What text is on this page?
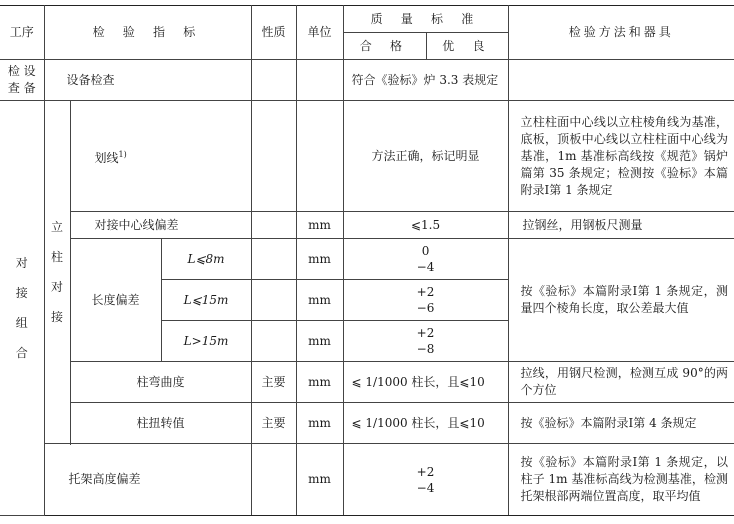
工序	检 验 指 标			性质	单位	质 量 标 准		检验方法和器具
						合 格	优 良	

检 设
查 备	设备检查					符合《验标》炉 3.3 表规定		

对
接
组
合	立
柱
对
接	划线$^{1)}$				方法正确，标记明显		立柱柱面中心线以立柱棱角线为基准，底板，顶板中心线以立柱柱面中心线为基准，1m 基准标高线按《规范》锅炉篇第 35 条规定；检测按《验标》本篇附录Ⅰ第 1 条规定
		对接中心线偏差			mm	⩽1.5		拉钢丝，用钢板尺测量
		长度偏差	L⩽8m		mm	0
−4		按《验标》本篇附录Ⅰ第 1 条规定，测量四个棱角长度，取公差最大值
			L⩽15m		mm	+2
−6		

			L>15m		mm	+2
−8		

		柱弯曲度		主要	mm	⩽ 1/1000 柱长，且⩽10		拉线，用钢尺检测，检测互成 90°的两个方位
		柱扭转值		主要	mm	⩽ 1/1000 柱长，且⩽10		按《验标》本篇附录Ⅰ第 4 条规定

	托架高度偏差				mm	+2
−4		按《验标》本篇附录Ⅰ第 1 条规定，以柱子 1m 基准标高线为检测基准，检测托架根部两端位置高度，取平均值
